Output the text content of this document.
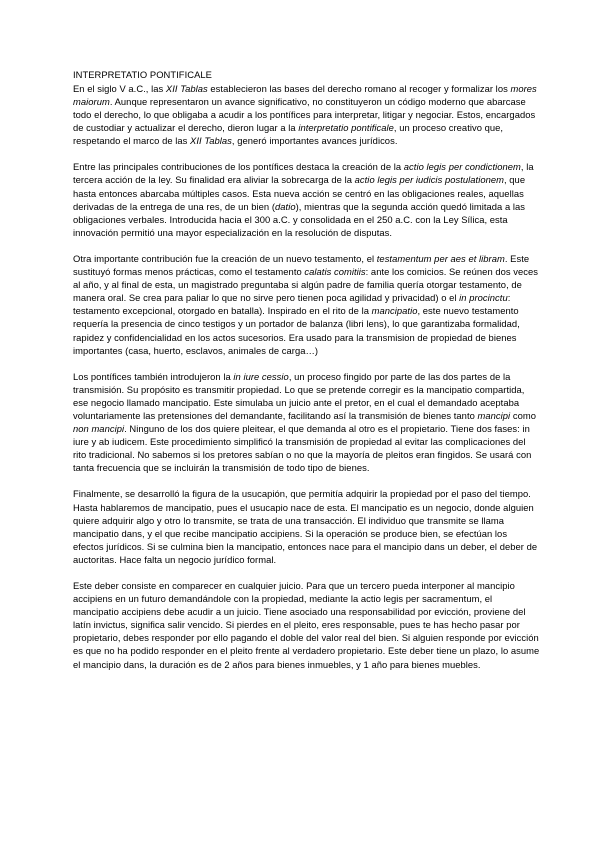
INTERPRETATIO PONTIFICALE

En el siglo V a.C., las XII Tablas establecieron las bases del derecho romano al recoger y formalizar los mores maiorum. Aunque representaron un avance significativo, no constituyeron un código moderno que abarcase todo el derecho, lo que obligaba a acudir a los pontífices para interpretar, litigar y negociar. Estos, encargados de custodiar y actualizar el derecho, dieron lugar a la interpretatio pontificale, un proceso creativo que, respetando el marco de las XII Tablas, generó importantes avances jurídicos.

Entre las principales contribuciones de los pontífices destaca la creación de la actio legis per condictionem, la tercera acción de la ley. Su finalidad era aliviar la sobrecarga de la actio legis per iudicis postulationem, que hasta entonces abarcaba múltiples casos. Esta nueva acción se centró en las obligaciones reales, aquellas derivadas de la entrega de una res, de un bien (datio), mientras que la segunda acción quedó limitada a las obligaciones verbales. Introducida hacia el 300 a.C. y consolidada en el 250 a.C. con la Ley Sílica, esta innovación permitió una mayor especialización en la resolución de disputas.

Otra importante contribución fue la creación de un nuevo testamento, el testamentum per aes et libram. Este sustituyó formas menos prácticas, como el testamento calatis comitiis: ante los comicios. Se reúnen dos veces al año, y al final de esta, un magistrado preguntaba si algún padre de familia quería otorgar testamento, de manera oral. Se crea para paliar lo que no sirve pero tienen poca agilidad y privacidad) o el in procinctu: testamento excepcional, otorgado en batalla). Inspirado en el rito de la mancipatio, este nuevo testamento requería la presencia de cinco testigos y un portador de balanza (libri lens), lo que garantizaba formalidad, rapidez y confidencialidad en los actos sucesorios. Era usado para la transmision de propiedad de bienes importantes (casa, huerto, esclavos, animales de carga…)

Los pontífices también introdujeron la in iure cessio, un proceso fingido por parte de las dos partes de la transmisión. Su propósito es transmitir propiedad. Lo que se pretende corregir es la mancipatio compartida, ese negocio llamado mancipatio. Este simulaba un juicio ante el pretor, en el cual el demandado aceptaba voluntariamente las pretensiones del demandante, facilitando así la transmisión de bienes tanto mancipi como non mancipi. Ninguno de los dos quiere pleitear, el que demanda al otro es el propietario. Tiene dos fases: in iure y ab iudicem. Este procedimiento simplificó la transmisión de propiedad al evitar las complicaciones del rito tradicional. No sabemos si los pretores sabían o no que la mayoría de pleitos eran fingidos. Se usará con tanta frecuencia que se incluirán la transmisión de todo tipo de bienes.

Finalmente, se desarrolló la figura de la usucapión, que permitía adquirir la propiedad por el paso del tiempo. Hasta hablaremos de mancipatio, pues el usucapio nace de esta. El mancipatio es un negocio, donde alguien quiere adquirir algo y otro lo transmite, se trata de una transacción. El individuo que transmite se llama mancipatio dans, y el que recibe mancipatio accipiens. Si la operación se produce bien, se efectúan los efectos jurídicos. Si se culmina bien la mancipatio, entonces nace para el mancipio dans un deber, el deber de auctoritas. Hace falta un negocio jurídico formal.

Este deber consiste en comparecer en cualquier juicio. Para que un tercero pueda interponer al mancipio accipiens en un futuro demandándole con la propiedad, mediante la actio legis per sacramentum, el mancipatio accipiens debe acudir a un juicio. Tiene asociado una responsabilidad por evicción, proviene del latín invictus, significa salir vencido. Si pierdes en el pleito, eres responsable, pues te has hecho pasar por propietario, debes responder por ello pagando el doble del valor real del bien. Si alguien responde por evicción es que no ha podido responder en el pleito frente al verdadero propietario. Este deber tiene un plazo, lo asume el mancipio dans, la duración es de 2 años para bienes inmuebles, y 1 año para bienes muebles.
